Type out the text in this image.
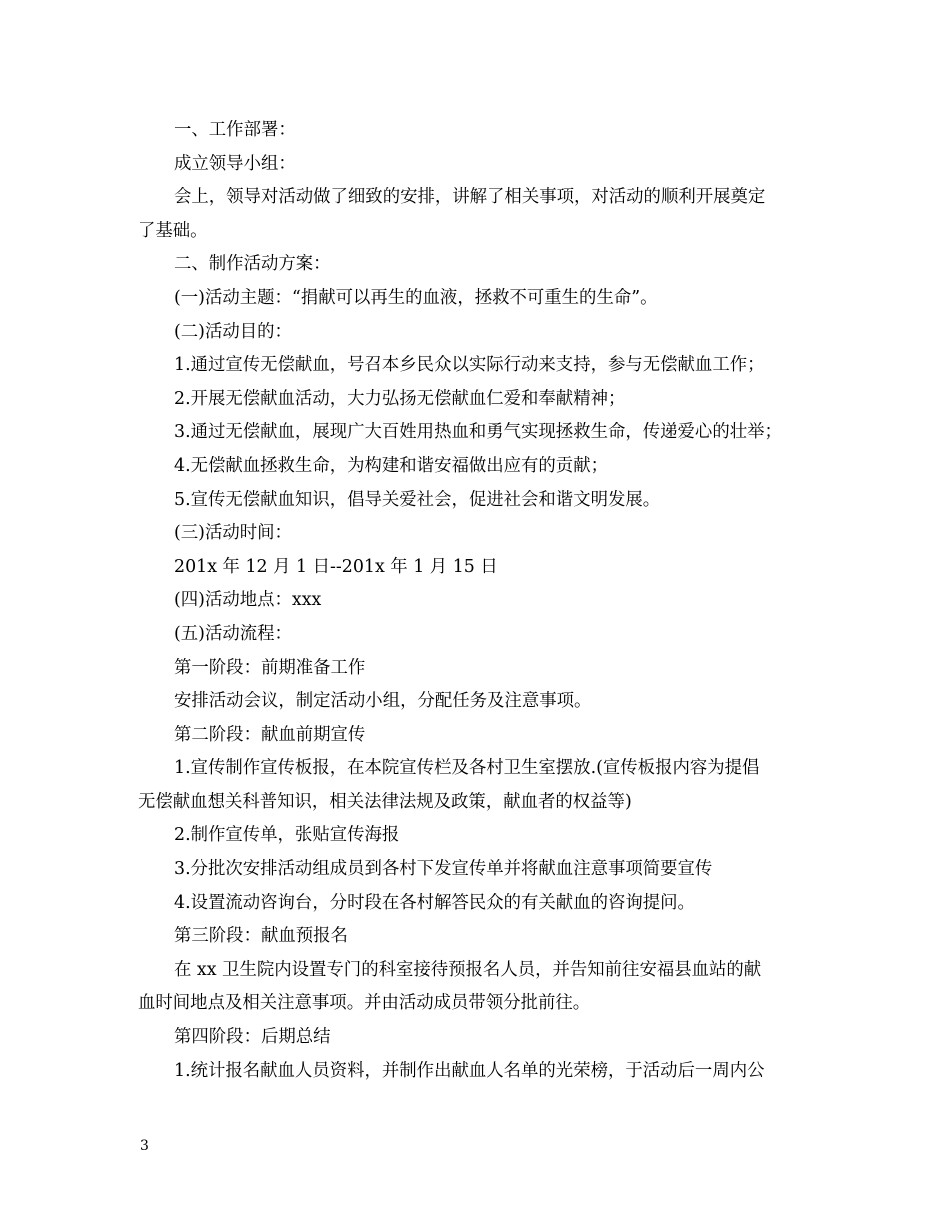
一、工作部署：
成立领导小组：
会上，领导对活动做了细致的安排，讲解了相关事项，对活动的顺利开展奠定
了基础。
二、制作活动方案：
(一)活动主题：“捐献可以再生的血液，拯救不可重生的生命”。
(二)活动目的：
1.通过宣传无偿献血，号召本乡民众以实际行动来支持，参与无偿献血工作；
2.开展无偿献血活动，大力弘扬无偿献血仁爱和奉献精神；
3.通过无偿献血，展现广大百姓用热血和勇气实现拯救生命，传递爱心的壮举；
4.无偿献血拯救生命，为构建和谐安福做出应有的贡献；
5.宣传无偿献血知识，倡导关爱社会，促进社会和谐文明发展。
(三)活动时间：
201x 年 12 月 1 日--201x 年 1 月 15 日
(四)活动地点：xxx
(五)活动流程：
第一阶段：前期准备工作
安排活动会议，制定活动小组，分配任务及注意事项。
第二阶段：献血前期宣传
1.宣传制作宣传板报，在本院宣传栏及各村卫生室摆放.(宣传板报内容为提倡
无偿献血想关科普知识，相关法律法规及政策，献血者的权益等)
2.制作宣传单，张贴宣传海报
3.分批次安排活动组成员到各村下发宣传单并将献血注意事项简要宣传
4.设置流动咨询台，分时段在各村解答民众的有关献血的咨询提问。
第三阶段：献血预报名
在 xx 卫生院内设置专门的科室接待预报名人员，并告知前往安福县血站的献
血时间地点及相关注意事项。并由活动成员带领分批前往。
第四阶段：后期总结
1.统计报名献血人员资料，并制作出献血人名单的光荣榜，于活动后一周内公
3
